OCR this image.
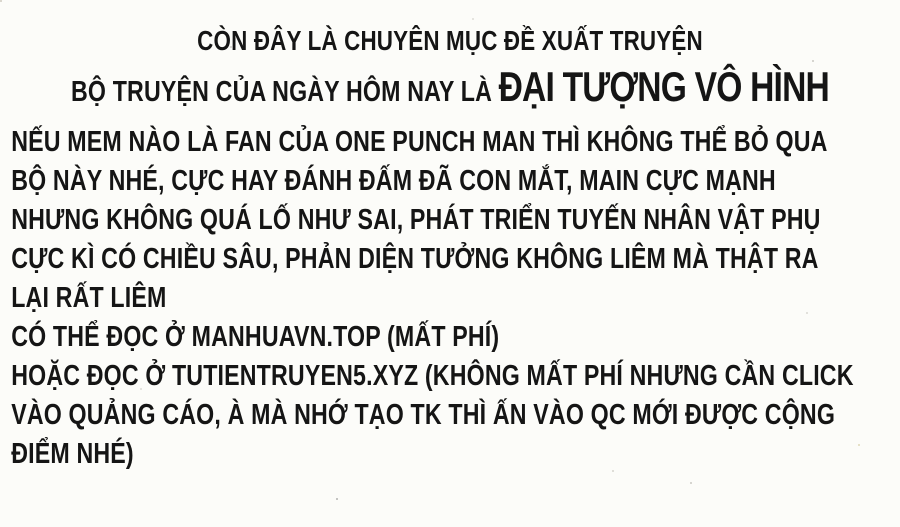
CÒN ĐÂY LÀ CHUYÊN MỤC ĐỀ XUẤT TRUYỆN
BỘ TRUYỆN CỦA NGÀY HÔM NAY LÀ ĐẠI TƯỢNG VÔ HÌNH
NẾU MEM NÀO LÀ FAN CỦA ONE PUNCH MAN THÌ KHÔNG THỂ BỎ QUA
BỘ NÀY NHÉ, CỰC HAY ĐÁNH ĐẤM ĐÃ CON MẮT, MAIN CỰC MẠNH
NHƯNG KHÔNG QUÁ LỐ NHƯ SAI, PHÁT TRIỂN TUYẾN NHÂN VẬT PHỤ
CỰC KÌ CÓ CHIỀU SÂU, PHẢN DIỆN TƯỞNG KHÔNG LIÊM MÀ THẬT RA
LẠI RẤT LIÊM
CÓ THỂ ĐỌC Ở MANHUAVN.TOP (MẤT PHÍ)
HOẶC ĐỌC Ở TUTIENTRUYEN5.XYZ (KHÔNG MẤT PHÍ NHƯNG CẦN CLICK
VÀO QUẢNG CÁO, À MÀ NHỚ TẠO TK THÌ ẤN VÀO QC MỚI ĐƯỢC CỘNG
ĐIỂM NHÉ)
